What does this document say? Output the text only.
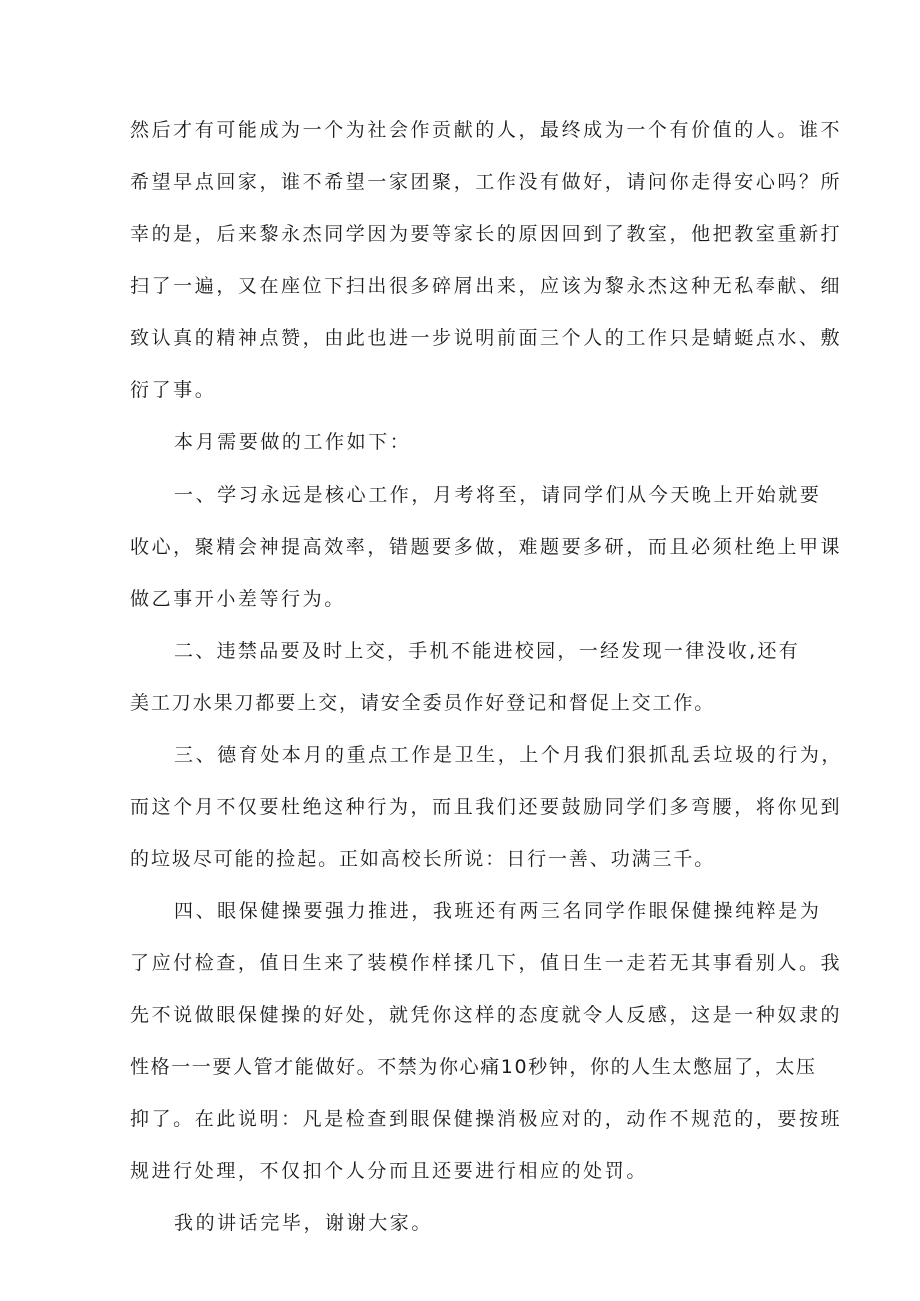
然后才有可能成为一个为社会作贡献的人，最终成为一个有价值的人。谁不

希望早点回家，谁不希望一家团聚，工作没有做好，请问你走得安心吗？所

幸的是，后来黎永杰同学因为要等家长的原因回到了教室，他把教室重新打

扫了一遍，又在座位下扫出很多碎屑出来，应该为黎永杰这种无私奉献、细

致认真的精神点赞，由此也进一步说明前面三个人的工作只是蜻蜓点水、敷

衍了事。

本月需要做的工作如下：

一、学习永远是核心工作，月考将至，请同学们从今天晚上开始就要

收心，聚精会神提高效率，错题要多做，难题要多研，而且必须杜绝上甲课

做乙事开小差等行为。

二、违禁品要及时上交，手机不能进校园，一经发现一律没收,还有

美工刀水果刀都要上交，请安全委员作好登记和督促上交工作。

三、德育处本月的重点工作是卫生，上个月我们狠抓乱丢垃圾的行为，

而这个月不仅要杜绝这种行为，而且我们还要鼓励同学们多弯腰，将你见到

的垃圾尽可能的捡起。正如高校长所说：日行一善、功满三千。

四、眼保健操要强力推进，我班还有两三名同学作眼保健操纯粹是为

了应付检查，值日生来了装模作样揉几下，值日生一走若无其事看别人。我

先不说做眼保健操的好处，就凭你这样的态度就令人反感，这是一种奴隶的

性格一一要人管才能做好。不禁为你心痛10秒钟，你的人生太憋屈了，太压

抑了。在此说明：凡是检查到眼保健操消极应对的，动作不规范的，要按班

规进行处理，不仅扣个人分而且还要进行相应的处罚。

我的讲话完毕，谢谢大家。
